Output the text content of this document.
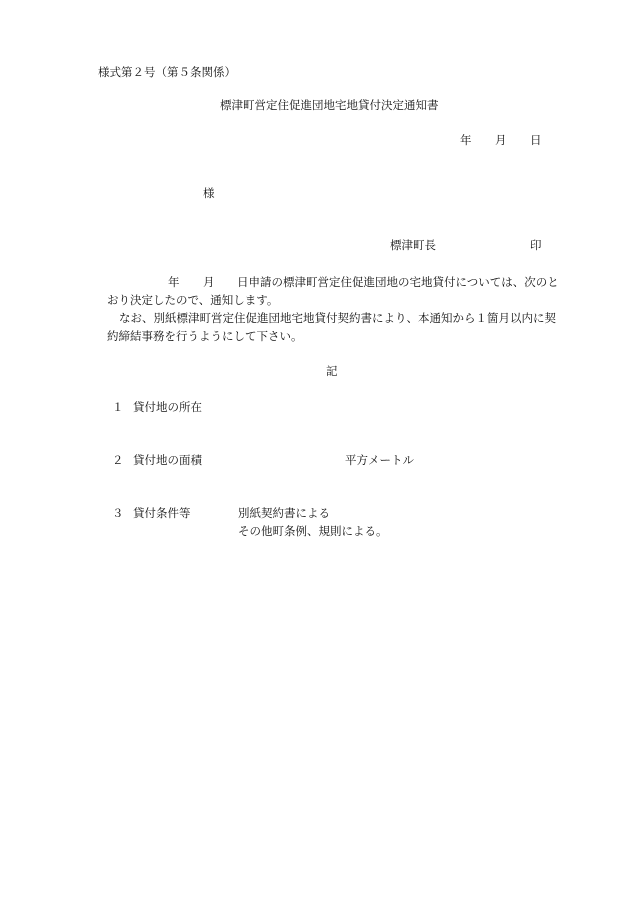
様式第２号（第５条関係）

標津町営定住促進団地宅地貸付決定通知書

年 月 日

様

標津町長	印

年 月 日申請の標津町営定住促進団地の宅地貸付については、次のと

おり決定したので、通知します。

なお、別紙標津町営定住促進団地宅地貸付契約書により、本通知から１箇月以内に契

約締結事務を行うようにして下さい。

記

１ 貸付地の所在

２ 貸付地の面積	平方メートル

３ 貸付条件等	別紙契約書による

その他町条例、規則による。
